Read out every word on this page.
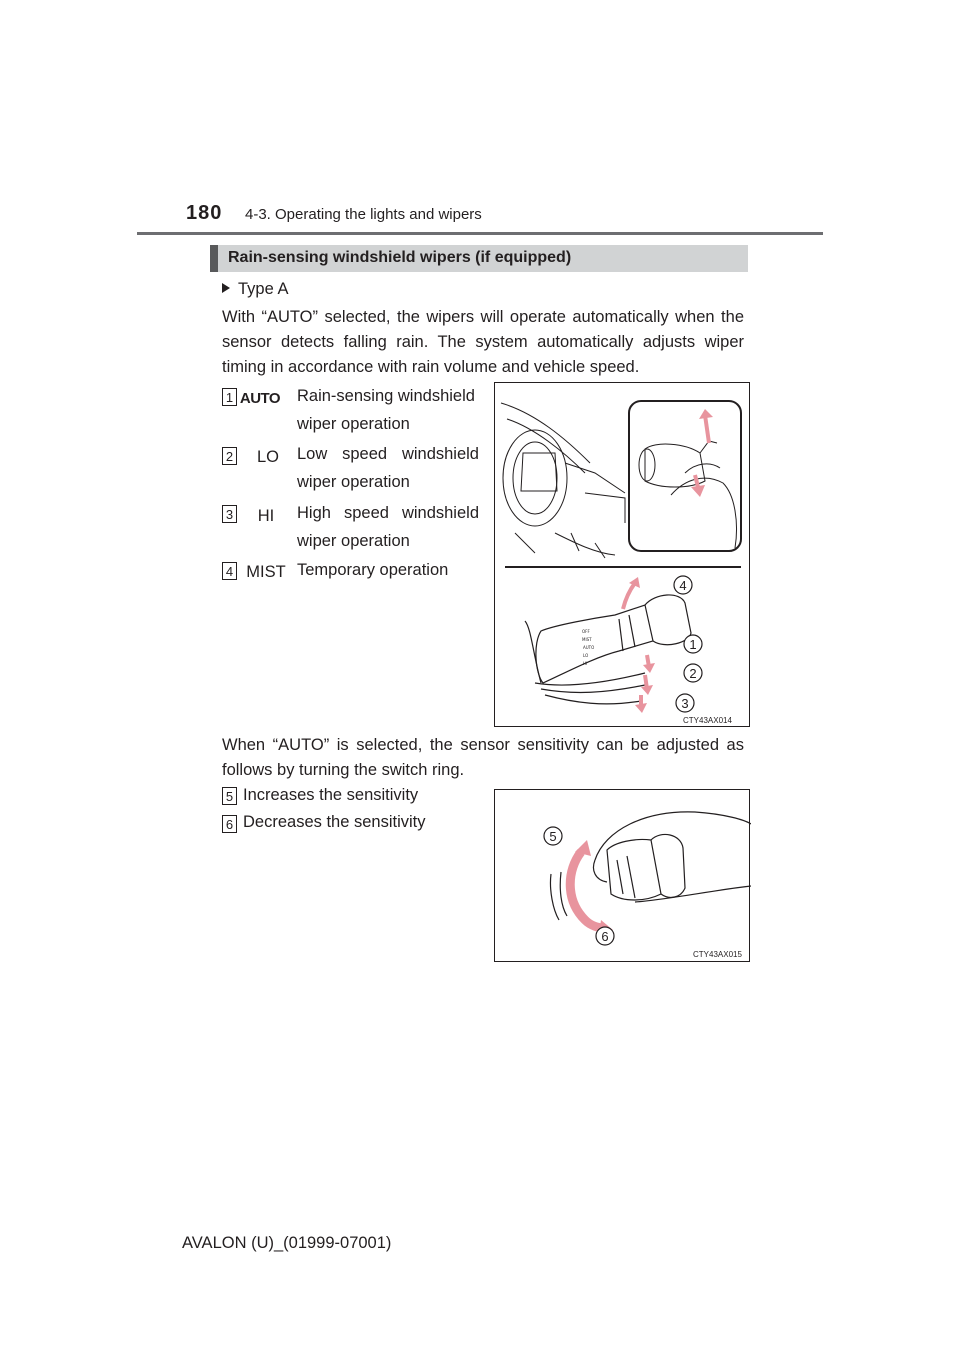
180 4-3. Operating the lights and wipers
Rain-sensing windshield wipers (if equipped)
Type A
With “AUTO” selected, the wipers will operate automatically when the sensor detects falling rain. The system automatically adjusts wiper timing in accordance with rain volume and vehicle speed.
1 AUTO	Rain-sensing windshield
wiper operation
2	LO	Low speed windshield
wiper operation
3	HI	High speed windshield
wiper operation
4 MIST Temporary operation
OFF
MIST
AUTO
LO
HI
4
1
2
3
CTY43AX014
When “AUTO” is selected, the sensor sensitivity can be adjusted as follows by turning the switch ring.
5 Increases the sensitivity
6 Decreases the sensitivity
5
6
CTY43AX015
AVALON (U)_(01999-07001)
